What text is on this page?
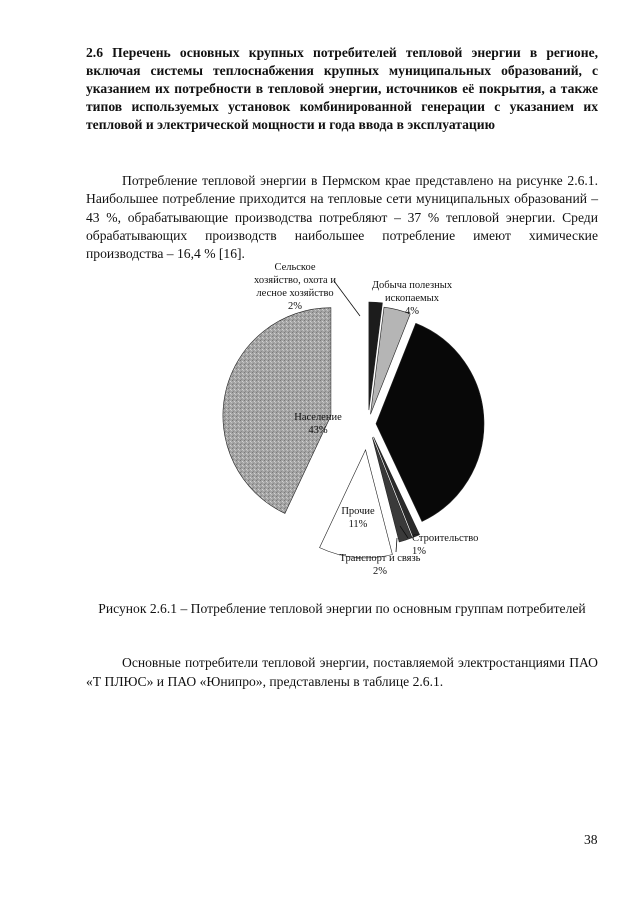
2.6 Перечень основных крупных потребителей тепловой энергии в регионе, включая системы теплоснабжения крупных муниципальных образований, с указанием их потребности в тепловой энергии, источников её покрытия, а также типов используемых установок комбинированной генерации с указанием их тепловой и электрической мощности и года ввода в эксплуатацию
Потребление тепловой энергии в Пермском крае представлено на рисунке 2.6.1. Наибольшее потребление приходится на тепловые сети муниципальных образований – 43 %, обрабатывающие производства потребляют – 37 % тепловой энергии. Среди обрабатывающих производств наибольшее потребление имеют химические производства – 16,4 % [16].
Сельское
хозяйство, охота и
лесное хозяйство
2%
Добыча полезных
ископаемых
4%
Строительство
1%
Транспорт и связь
2%
Прочие
11%
Население
43%
Рисунок 2.6.1 – Потребление тепловой энергии по основным группам потребителей
Основные потребители тепловой энергии, поставляемой электростанциями ПАО «Т ПЛЮС» и ПАО «Юнипро», представлены в таблице 2.6.1.
38
